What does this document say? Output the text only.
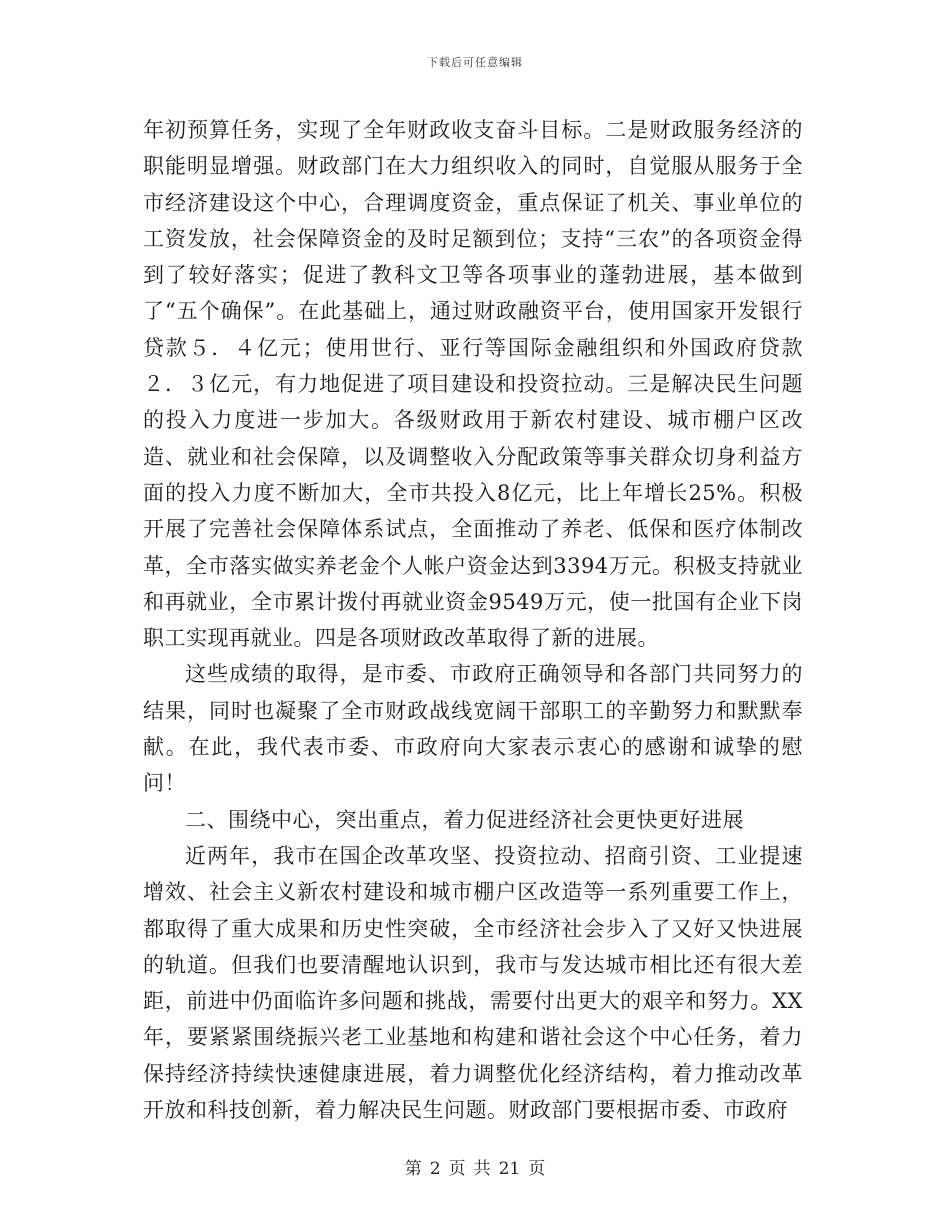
下载后可任意编辑

年初预算任务，实现了全年财政收支奋斗目标。二是财政服务经济的职能明显增强。财政部门在大力组织收入的同时，自觉服从服务于全市经济建设这个中心，合理调度资金，重点保证了机关、事业单位的工资发放，社会保障资金的及时足额到位；支持“三农”的各项资金得到了较好落实；促进了教科文卫等各项事业的蓬勃进展，基本做到了“五个确保”。在此基础上，通过财政融资平台，使用国家开发银行贷款５．４亿元；使用世行、亚行等国际金融组织和外国政府贷款２．３亿元，有力地促进了项目建设和投资拉动。三是解决民生问题的投入力度进一步加大。各级财政用于新农村建设、城市棚户区改造、就业和社会保障，以及调整收入分配政策等事关群众切身利益方面的投入力度不断加大，全市共投入8亿元，比上年增长25%。积极开展了完善社会保障体系试点，全面推动了养老、低保和医疗体制改革，全市落实做实养老金个人帐户资金达到3394万元。积极支持就业和再就业，全市累计拨付再就业资金9549万元，使一批国有企业下岗职工实现再就业。四是各项财政改革取得了新的进展。

这些成绩的取得，是市委、市政府正确领导和各部门共同努力的结果，同时也凝聚了全市财政战线宽阔干部职工的辛勤努力和默默奉献。在此，我代表市委、市政府向大家表示衷心的感谢和诚挚的慰问！

二、围绕中心，突出重点，着力促进经济社会更快更好进展

近两年，我市在国企改革攻坚、投资拉动、招商引资、工业提速增效、社会主义新农村建设和城市棚户区改造等一系列重要工作上，都取得了重大成果和历史性突破，全市经济社会步入了又好又快进展的轨道。但我们也要清醒地认识到，我市与发达城市相比还有很大差距，前进中仍面临许多问题和挑战，需要付出更大的艰辛和努力。XX年，要紧紧围绕振兴老工业基地和构建和谐社会这个中心任务，着力保持经济持续快速健康进展，着力调整优化经济结构，着力推动改革开放和科技创新，着力解决民生问题。财政部门要根据市委、市政府

第 2 页 共 21 页
